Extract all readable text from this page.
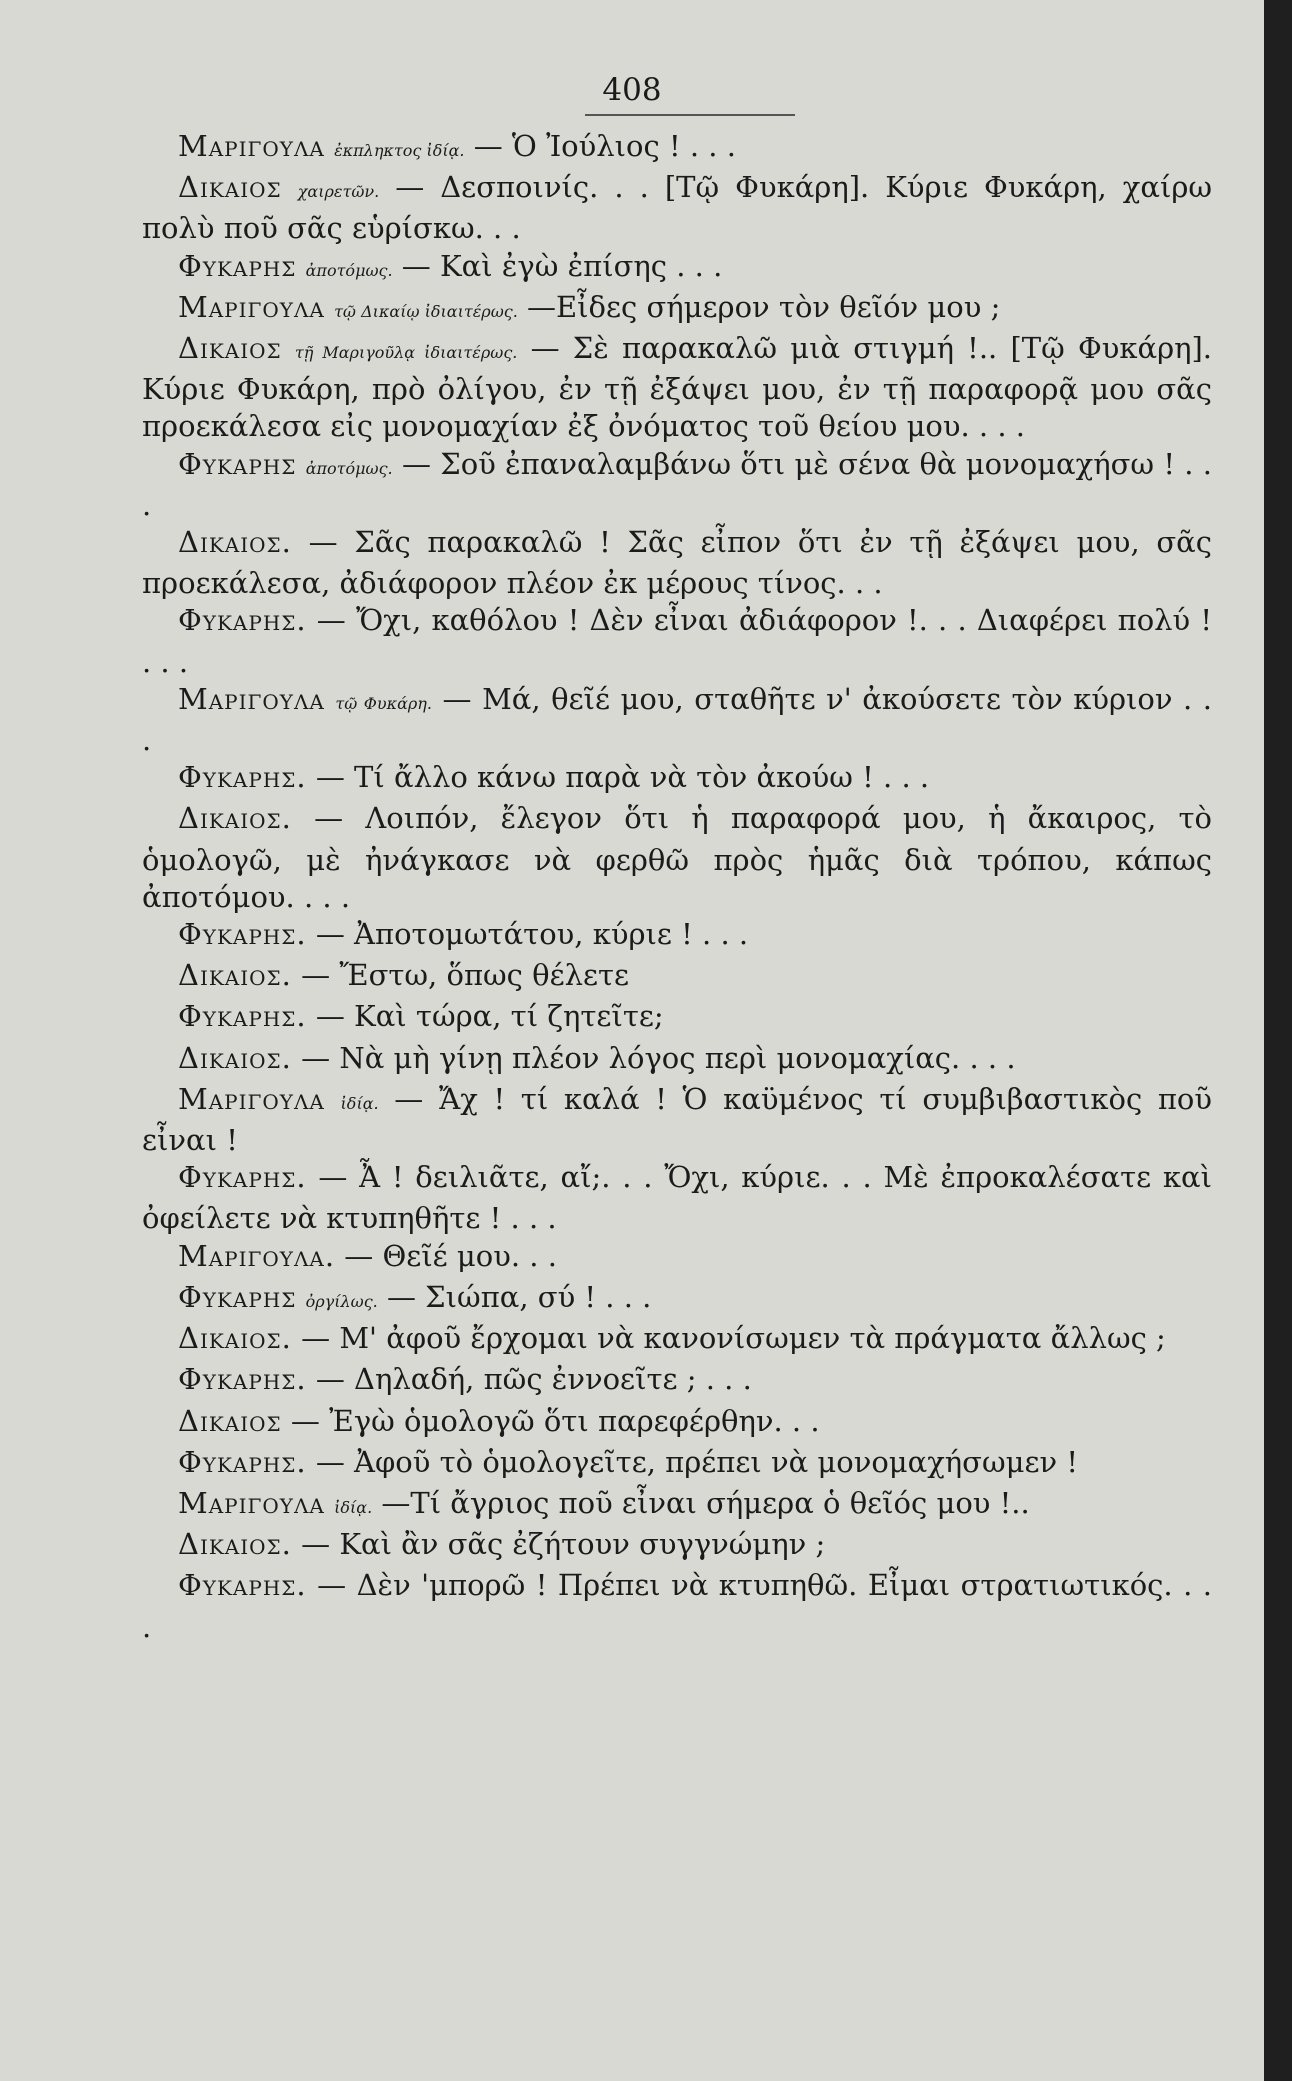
408

Μαριγουλα ἐκπληκτος ἰδίᾳ. — Ὁ Ἰούλιος ! . . .

Δικαιος χαιρετῶν. — Δεσποινίς. . . [Τῷ Φυκάρη]. Κύριε Φυκάρη, χαίρω πολὺ ποῦ σᾶς εὑρίσκω. . .

Φυκαρης ἀποτόμως. — Καὶ ἐγὼ ἐπίσης . . .

Μαριγουλα τῷ Δικαίῳ ἰδιαιτέρως. —Εἶδες σήμερον τὸν θεῖόν μου ;

Δικαιος τῇ Μαριγοῦλᾳ ἰδιαιτέρως. — Σὲ παρακαλῶ μιὰ στιγμή !.. [Τῷ Φυκάρη]. Κύριε Φυκάρη, πρὸ ὀλίγου, ἐν τῇ ἐξάψει μου, ἐν τῇ παραφορᾷ μου σᾶς προεκάλεσα εἰς μονομαχίαν ἐξ ὀνόματος τοῦ θείου μου. . . .

Φυκαρης ἀποτόμως. — Σοῦ ἐπαναλαμβάνω ὅτι μὲ σένα θὰ μονομαχήσω ! . . .

Δικαιος. — Σᾶς παρακαλῶ ! Σᾶς εἶπον ὅτι ἐν τῇ ἐξάψει μου, σᾶς προεκάλεσα, ἀδιάφορον πλέον ἐκ μέρους τίνος. . .

Φυκαρης. — Ὄχι, καθόλου ! Δὲν εἶναι ἀδιάφορον !. . . Διαφέρει πολύ ! . . .

Μαριγουλα τῷ Φυκάρη. — Μά, θεῖέ μου, σταθῆτε ν' ἀκούσετε τὸν κύριον . . .

Φυκαρης. — Τί ἄλλο κάνω παρὰ νὰ τὸν ἀκούω ! . . .

Δικαιος. — Λοιπόν, ἔλεγον ὅτι ἡ παραφορά μου, ἡ ἄκαιρος, τὸ ὁμολογῶ, μὲ ἠνάγκασε νὰ φερθῶ πρὸς ἡμᾶς διὰ τρόπου, κάπως ἀποτόμου. . . .

Φυκαρης. — Ἀποτομωτάτου, κύριε ! . . .

Δικαιος. — Ἔστω, ὅπως θέλετε

Φυκαρης. — Καὶ τώρα, τί ζητεῖτε;

Δικαιος. — Νὰ μὴ γίνῃ πλέον λόγος περὶ μονομαχίας. . . .

Μαριγουλα ἰδίᾳ. — Ἄχ ! τί καλά ! Ὁ καϋμένος τί συμβιβαστικὸς ποῦ εἶναι !

Φυκαρης. — Ἆ ! δειλιᾶτε, αἴ;. . . Ὄχι, κύριε. . . Μὲ ἐπροκαλέσατε καὶ ὀφείλετε νὰ κτυπηθῆτε ! . . .

Μαριγουλα. — Θεῖέ μου. . .

Φυκαρης ὀργίλως. — Σιώπα, σύ ! . . .

Δικαιος. — Μ' ἀφοῦ ἔρχομαι νὰ κανονίσωμεν τὰ πράγματα ἄλλως ;

Φυκαρης. — Δηλαδή, πῶς ἐννοεῖτε ; . . .

Δικαιος — Ἐγὼ ὁμολογῶ ὅτι παρεφέρθην. . .

Φυκαρης. — Ἀφοῦ τὸ ὁμολογεῖτε, πρέπει νὰ μονομαχήσωμεν !

Μαριγουλα ἰδίᾳ. —Τί ἄγριος ποῦ εἶναι σήμερα ὁ θεῖός μου !..

Δικαιος. — Καὶ ἂν σᾶς ἐζήτουν συγγνώμην ;

Φυκαρης. — Δὲν 'μπορῶ ! Πρέπει νὰ κτυπηθῶ. Εἶμαι στρατιωτικός. . . .
